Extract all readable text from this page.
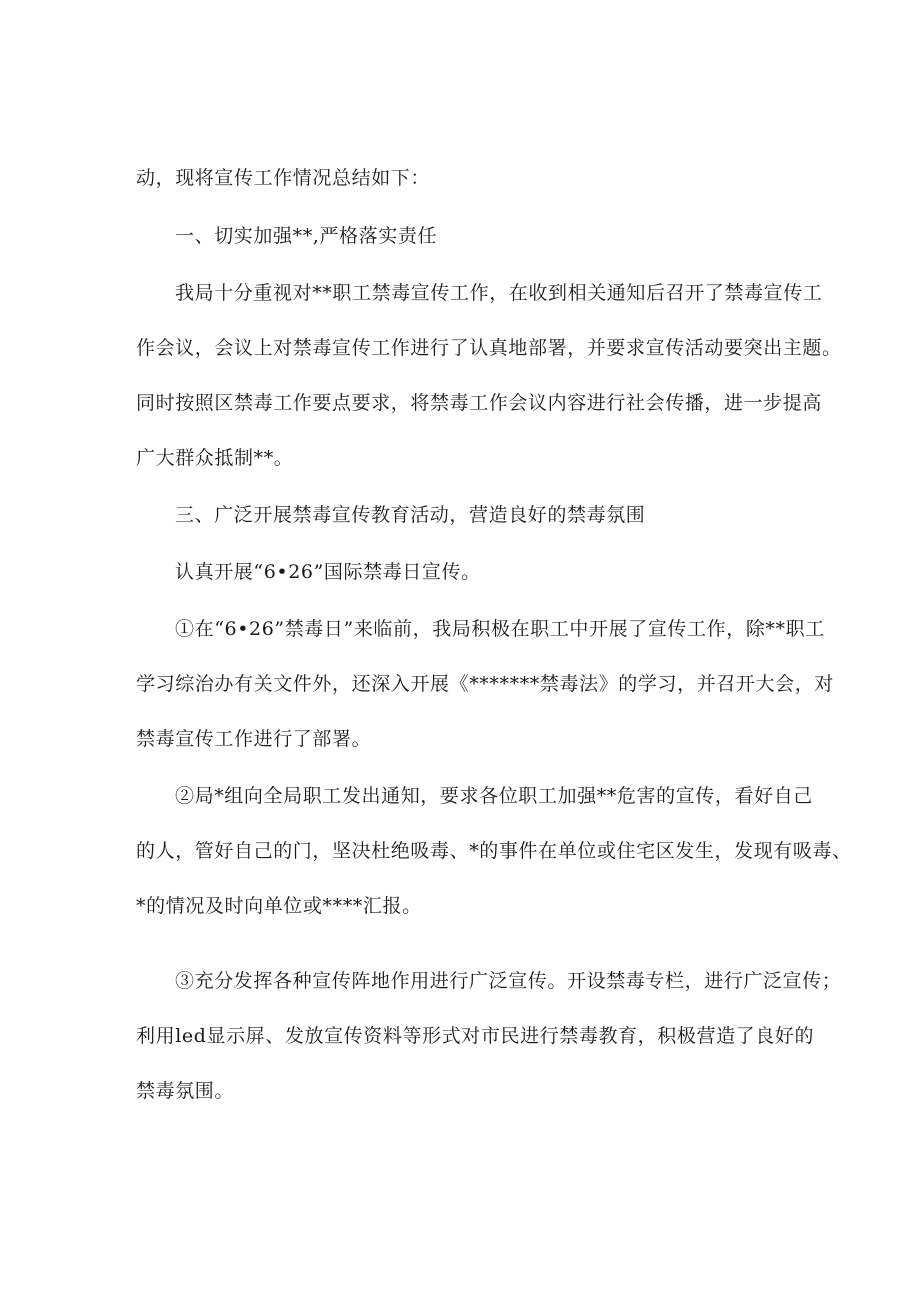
动，现将宣传工作情况总结如下：
一、切实加强**,严格落实责任
我局十分重视对**职工禁毒宣传工作，在收到相关通知后召开了禁毒宣传工
作会议，会议上对禁毒宣传工作进行了认真地部署，并要求宣传活动要突出主题。
同时按照区禁毒工作要点要求，将禁毒工作会议内容进行社会传播，进一步提高
广大群众抵制**。
三、广泛开展禁毒宣传教育活动，营造良好的禁毒氛围
认真开展“6•26”国际禁毒日宣传。
①在“6•26”禁毒日”来临前，我局积极在职工中开展了宣传工作，除**职工
学习综治办有关文件外，还深入开展《*******禁毒法》的学习，并召开大会，对
禁毒宣传工作进行了部署。
②局*组向全局职工发出通知，要求各位职工加强**危害的宣传，看好自己
的人，管好自己的门，坚决杜绝吸毒、*的事件在单位或住宅区发生，发现有吸毒、
*的情况及时向单位或****汇报。
③充分发挥各种宣传阵地作用进行广泛宣传。开设禁毒专栏，进行广泛宣传；
利用led显示屏、发放宣传资料等形式对市民进行禁毒教育，积极营造了良好的
禁毒氛围。
